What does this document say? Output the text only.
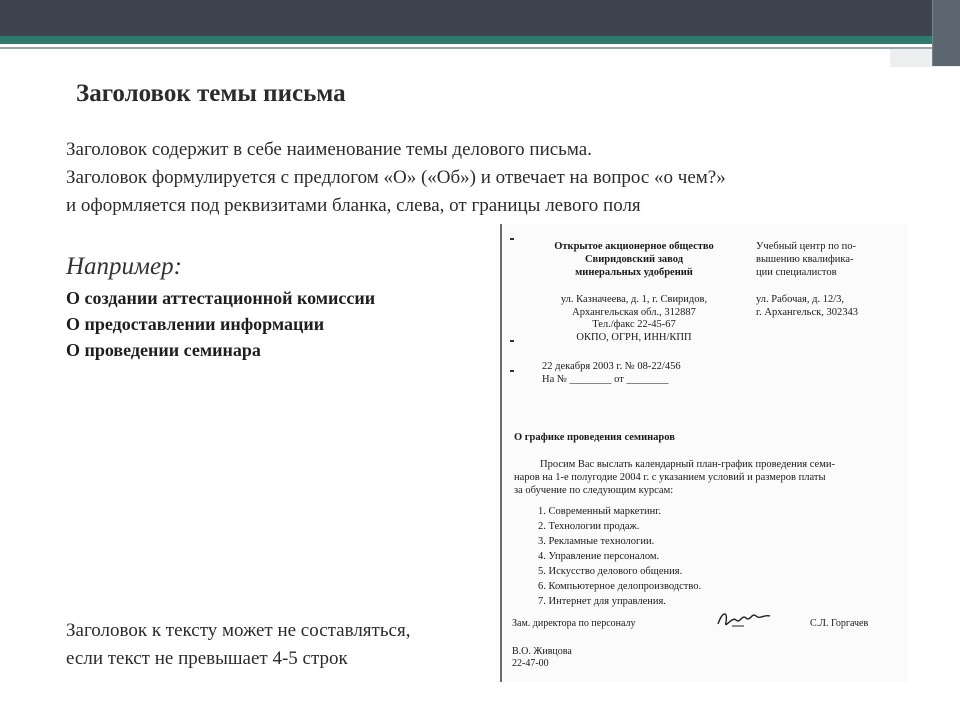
Заголовок темы письма
Заголовок содержит в себе наименование темы делового письма.
Заголовок формулируется с предлогом «О» («Об») и отвечает на вопрос «о чем?»
и оформляется под реквизитами бланка, слева, от границы левого поля
Например:
О создании аттестационной комиссии
О предоставлении информации
О проведении семинара
Заголовок к тексту может не составляться,
если текст не превышает 4-5 строк
Открытое акционерное общество
Свиридовский завод
минеральных удобрений
Учебный центр по по-
вышению квалифика-
ции специалистов
ул. Казначеева, д. 1, г. Свиридов,
Архангельская обл., 312887
Тел./факс 22-45-67
ОКПО, ОГРН, ИНН/КПП
ул. Рабочая, д. 12/3,
г. Архангельск, 302343
22 декабря 2003 г. № 08-22/456
На № ________ от ________
О графике проведения семинаров
Просим Вас выслать календарный план-график проведения семи-
наров на 1-е полугодие 2004 г. с указанием условий и размеров платы
за обучение по следующим курсам:
1. Современный маркетинг.
2. Технологии продаж.
3. Рекламные технологии.
4. Управление персоналом.
5. Искусство делового общения.
6. Компьютерное делопроизводство.
7. Интернет для управления.
Зам. директора по персоналу	С.Л. Горгачев
В.О. Живцова
22-47-00
